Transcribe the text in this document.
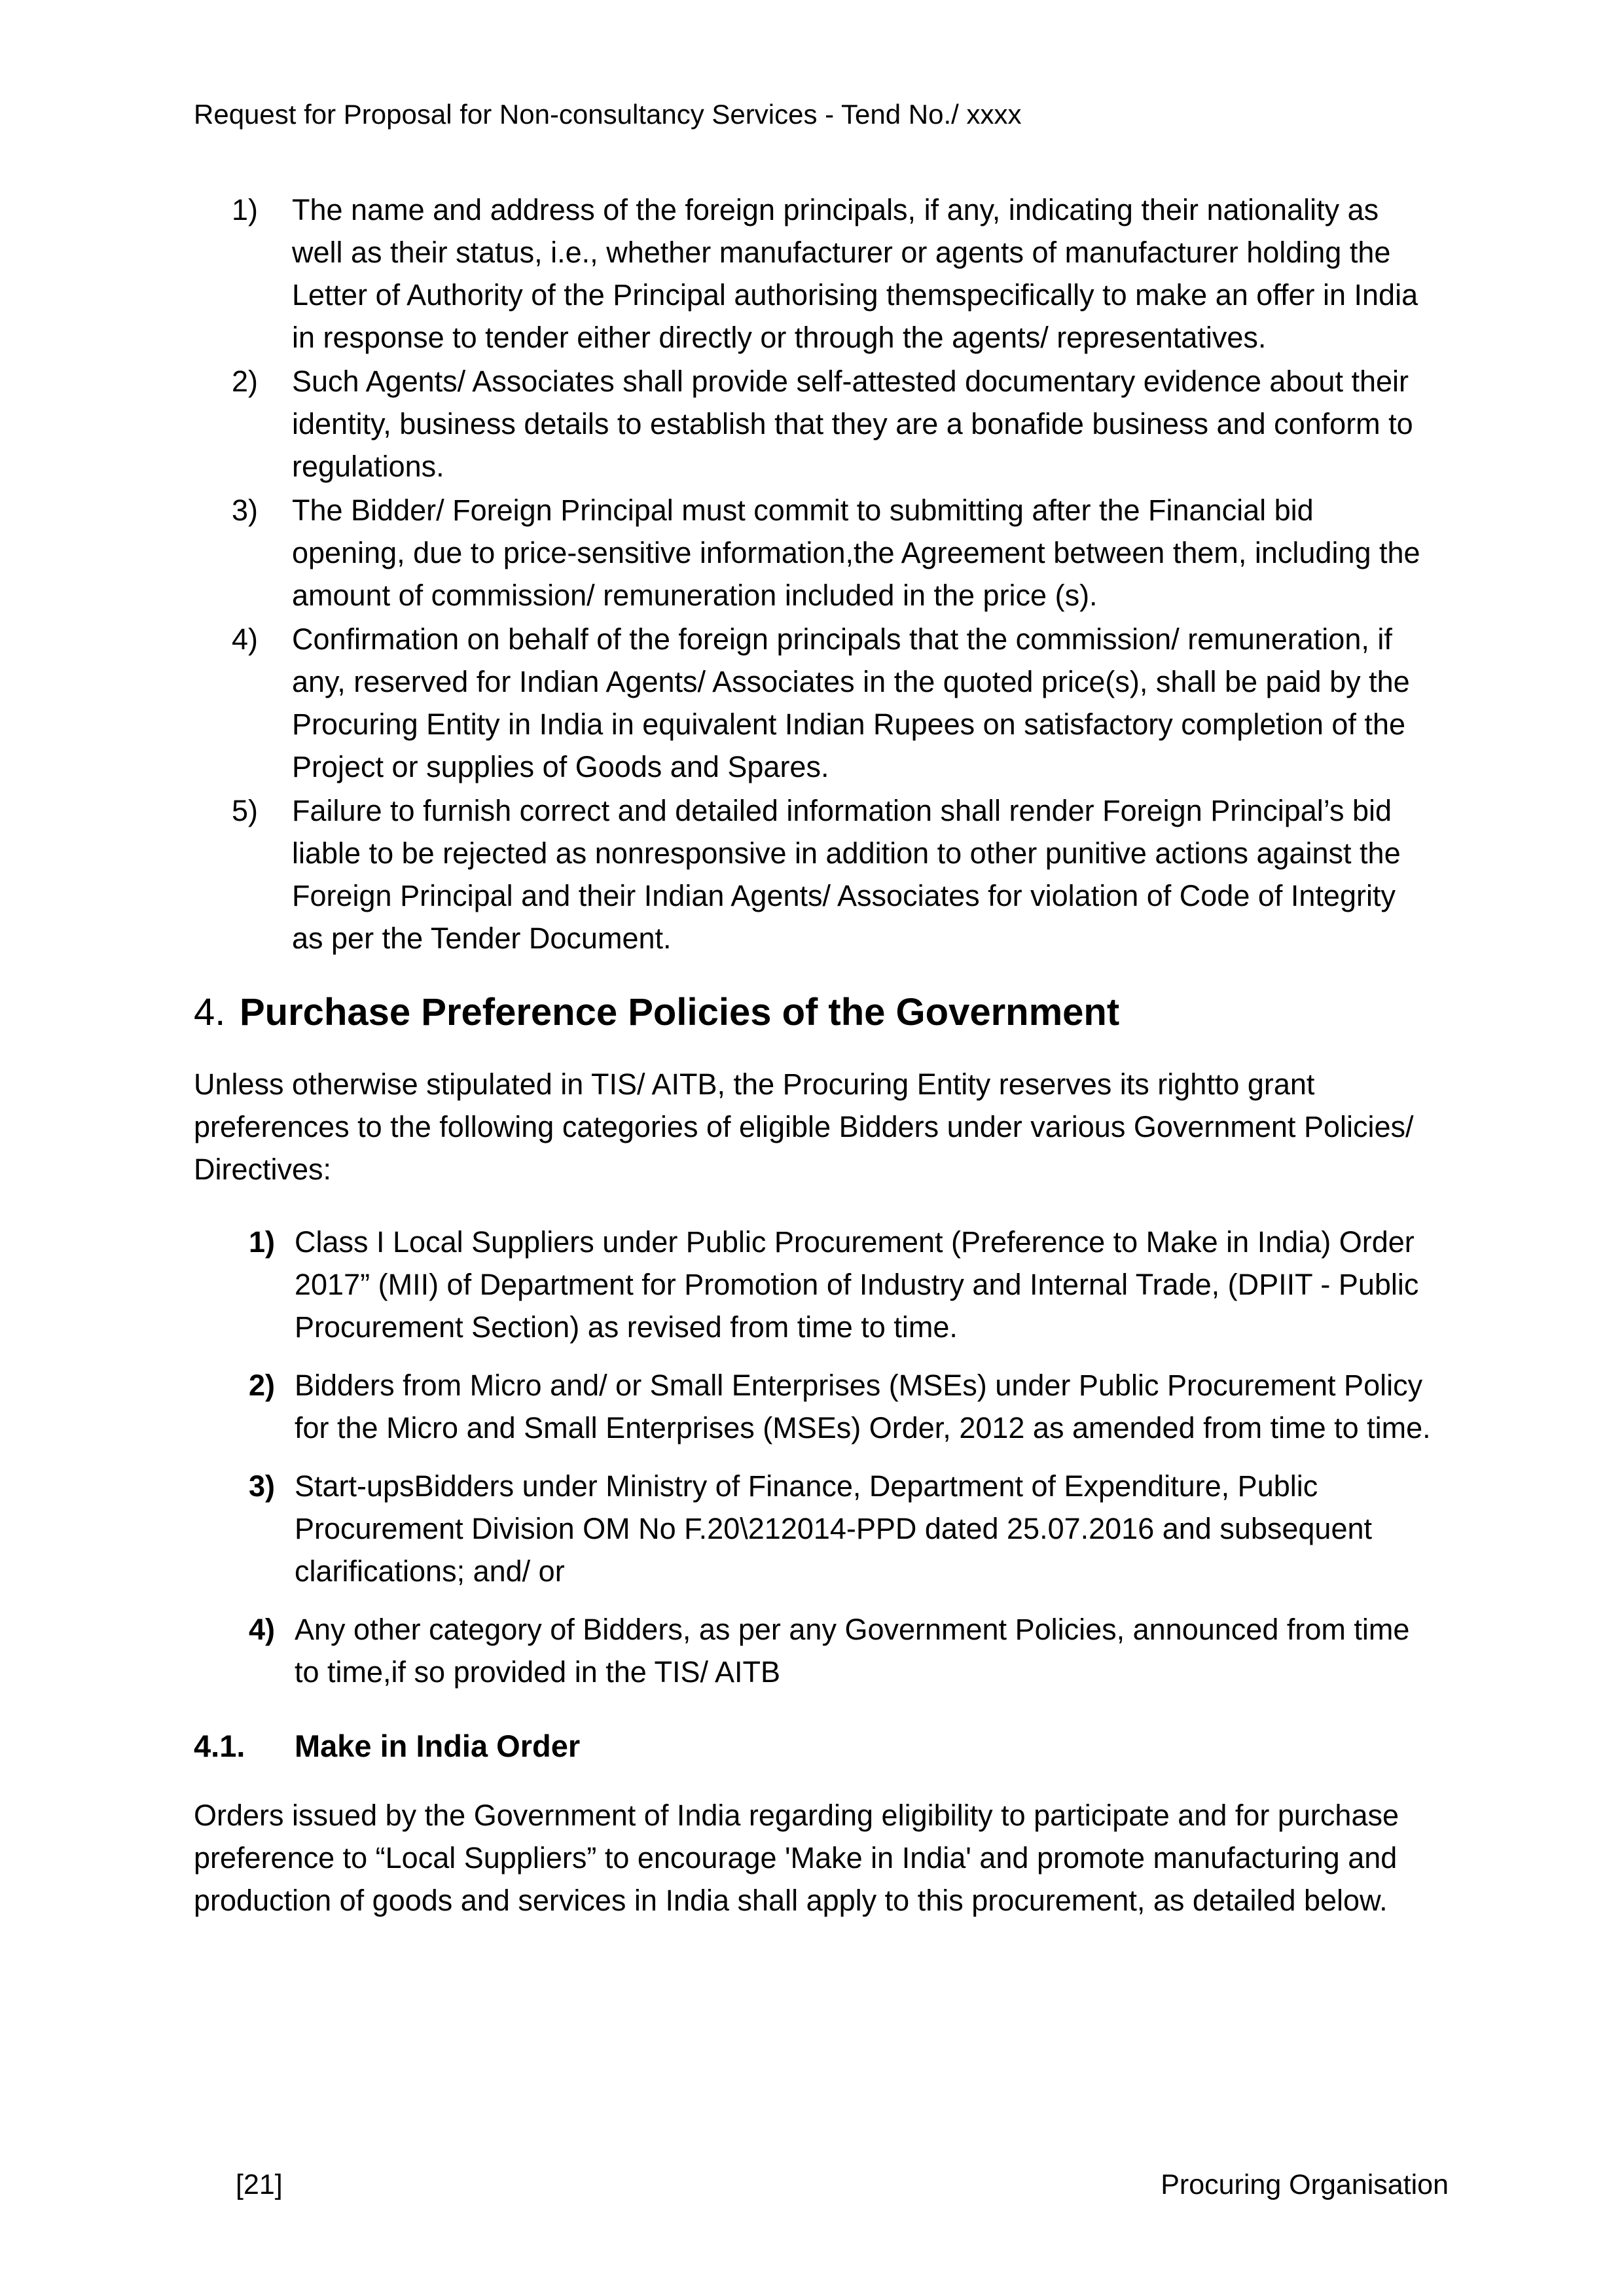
Request for Proposal for Non-consultancy Services - Tend No./ xxxx
1) The name and address of the foreign principals, if any, indicating their nationality as well as their status, i.e., whether manufacturer or agents of manufacturer holding the Letter of Authority of the Principal authorising themspecifically to make an offer in India in response to tender either directly or through the agents/ representatives.
2) Such Agents/ Associates shall provide self-attested documentary evidence about their identity, business details to establish that they are a bonafide business and conform to regulations.
3) The Bidder/ Foreign Principal must commit to submitting after the Financial bid opening, due to price-sensitive information,the Agreement between them, including the amount of commission/ remuneration included in the price (s).
4) Confirmation on behalf of the foreign principals that the commission/ remuneration, if any, reserved for Indian Agents/ Associates in the quoted price(s), shall be paid by the Procuring Entity in India in equivalent Indian Rupees on satisfactory completion of the Project or supplies of Goods and Spares.
5) Failure to furnish correct and detailed information shall render Foreign Principal’s bid liable to be rejected as nonresponsive in addition to other punitive actions against the Foreign Principal and their Indian Agents/ Associates for violation of Code of Integrity as per the Tender Document.
4. Purchase Preference Policies of the Government

Unless otherwise stipulated in TIS/ AITB, the Procuring Entity reserves its rightto grant preferences to the following categories of eligible Bidders under various Government Policies/ Directives:

1) Class I Local Suppliers under Public Procurement (Preference to Make in India) Order 2017” (MII) of Department for Promotion of Industry and Internal Trade, (DPIIT - Public Procurement Section) as revised from time to time.
2) Bidders from Micro and/ or Small Enterprises (MSEs) under Public Procurement Policy for the Micro and Small Enterprises (MSEs) Order, 2012 as amended from time to time.
3) Start-upsBidders under Ministry of Finance, Department of Expenditure, Public Procurement Division OM No F.20\212014-PPD dated 25.07.2016 and subsequent clarifications; and/ or
4) Any other category of Bidders, as per any Government Policies, announced from time to time,if so provided in the TIS/ AITB
4.1.	Make in India Order

Orders issued by the Government of India regarding eligibility to participate and for purchase preference to “Local Suppliers” to encourage 'Make in India' and promote manufacturing and production of goods and services in India shall apply to this procurement, as detailed below.

[21]	Procuring Organisation
